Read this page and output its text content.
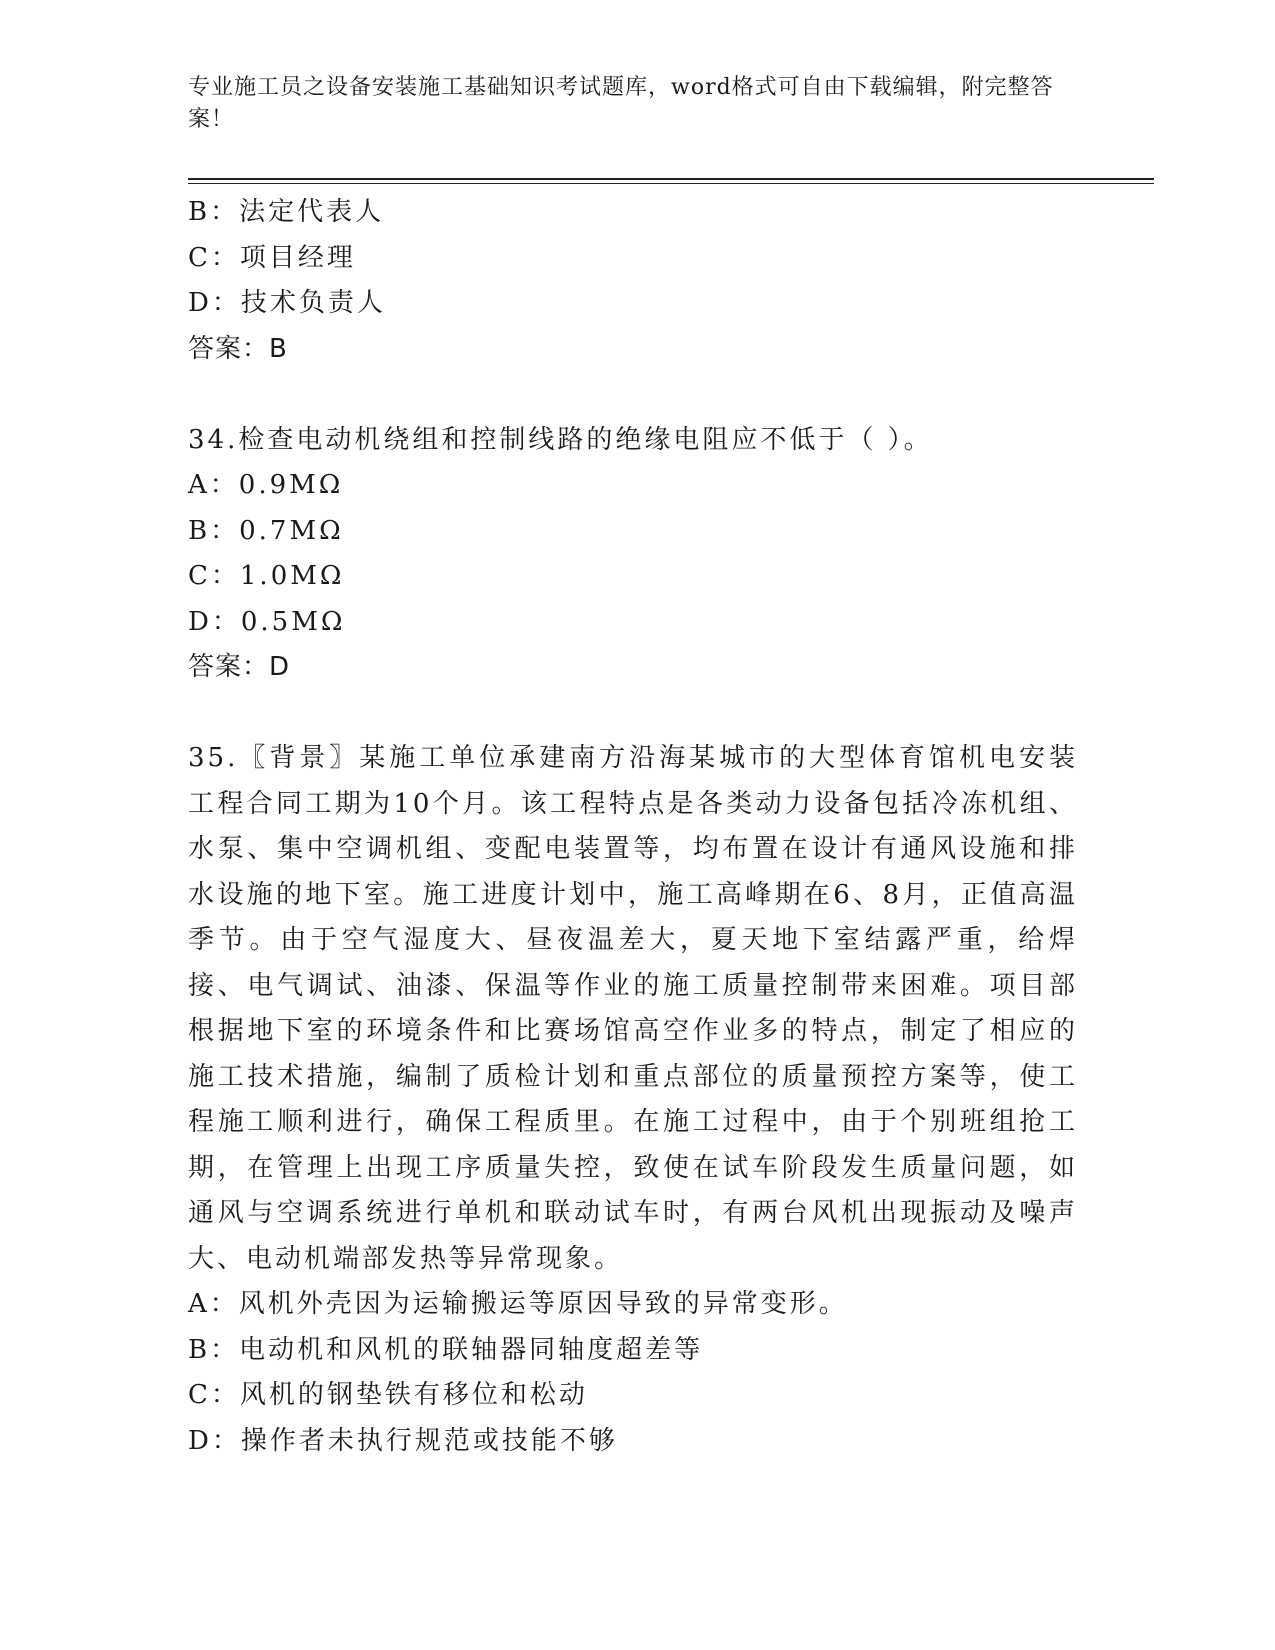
专业施工员之设备安装施工基础知识考试题库，word格式可自由下载编辑，附完整答案！
B：法定代表人
C：项目经理
D：技术负责人
答案：B
34.检查电动机绕组和控制线路的绝缘电阻应不低于（ ）。
A：0.9MΩ
B：0.7MΩ
C：1.0MΩ
D：0.5MΩ
答案：D
35.〖背景〗某施工单位承建南方沿海某城市的大型体育馆机电安装工程合同工期为10个月。该工程特点是各类动力设备包括冷冻机组、水泵、集中空调机组、变配电装置等，均布置在设计有通风设施和排水设施的地下室。施工进度计划中，施工高峰期在6、8月，正值高温季节。由于空气湿度大、昼夜温差大，夏天地下室结露严重，给焊接、电气调试、油漆、保温等作业的施工质量控制带来困难。项目部根据地下室的环境条件和比赛场馆高空作业多的特点，制定了相应的施工技术措施，编制了质检计划和重点部位的质量预控方案等，使工程施工顺利进行，确保工程质里。在施工过程中，由于个别班组抢工期，在管理上出现工序质量失控，致使在试车阶段发生质量问题，如通风与空调系统进行单机和联动试车时，有两台风机出现振动及噪声大、电动机端部发热等异常现象。
A：风机外壳因为运输搬运等原因导致的异常变形。
B：电动机和风机的联轴器同轴度超差等
C：风机的钢垫铁有移位和松动
D：操作者未执行规范或技能不够
